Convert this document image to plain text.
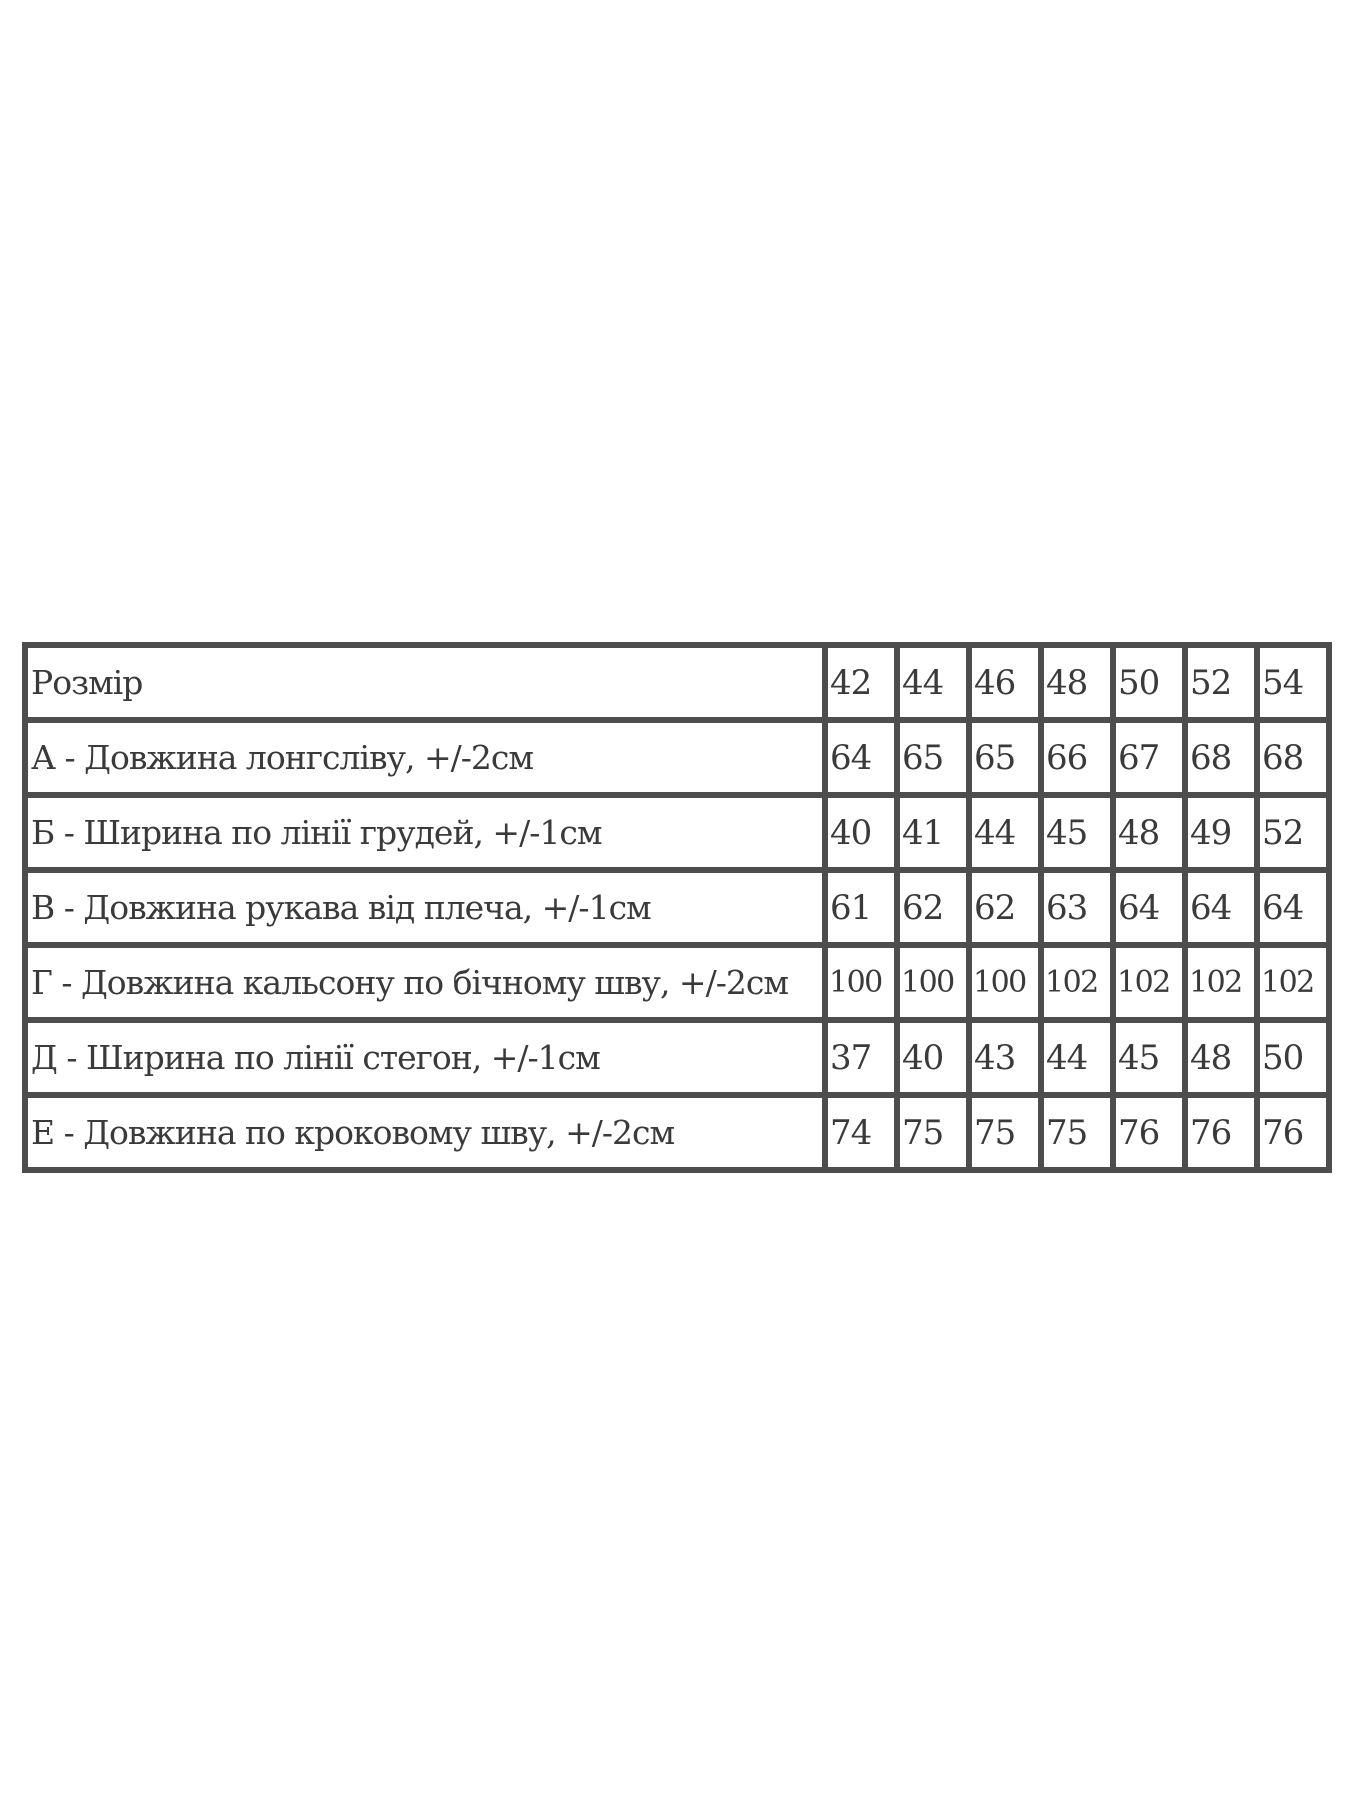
Розмір	42	44	46	48	50	52	54
А - Довжина лонгсліву, +/-2см	64	65	65	66	67	68	68
Б - Ширина по лінії грудей, +/-1см	40	41	44	45	48	49	52
В - Довжина рукава від плеча, +/-1см	61	62	62	63	64	64	64
Г - Довжина кальсону по бічному шву, +/-2см	100	100	100	102	102	102	102
Д - Ширина по лінії стегон, +/-1см	37	40	43	44	45	48	50
Е - Довжина по кроковому шву, +/-2см	74	75	75	75	76	76	76
